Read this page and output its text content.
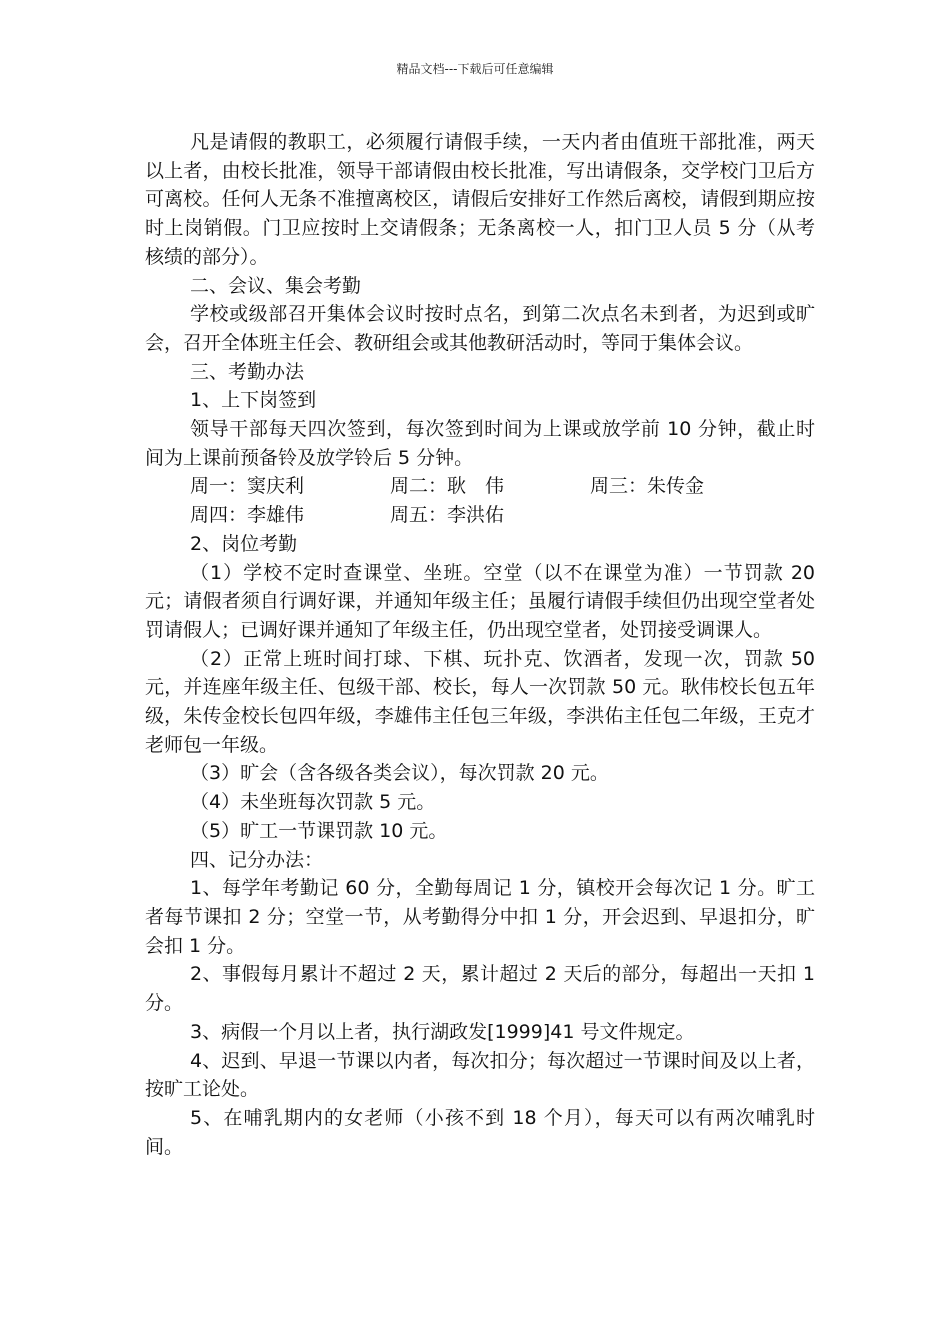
精品文档---下载后可任意编辑

凡是请假的教职工，必须履行请假手续，一天内者由值班干部批准，两天以上者，由校长批准，领导干部请假由校长批准，写出请假条，交学校门卫后方可离校。任何人无条不准擅离校区，请假后安排好工作然后离校，请假到期应按时上岗销假。门卫应按时上交请假条；无条离校一人，扣门卫人员 5 分（从考核绩的部分）。

二、会议、集会考勤

学校或级部召开集体会议时按时点名，到第二次点名未到者，为迟到或旷会，召开全体班主任会、教研组会或其他教研活动时，等同于集体会议。

三、考勤办法

1、上下岗签到

领导干部每天四次签到，每次签到时间为上课或放学前 10 分钟，截止时间为上课前预备铃及放学铃后 5 分钟。

周一：窦庆利	周二：耿　伟	周三：朱传金
周四：李雄伟	周五：李洪佑

2、岗位考勤

（1）学校不定时查课堂、坐班。空堂（以不在课堂为准）一节罚款 20 元；请假者须自行调好课，并通知年级主任；虽履行请假手续但仍出现空堂者处罚请假人；已调好课并通知了年级主任，仍出现空堂者，处罚接受调课人。

（2）正常上班时间打球、下棋、玩扑克、饮酒者，发现一次，罚款 50 元，并连座年级主任、包级干部、校长，每人一次罚款 50 元。耿伟校长包五年级，朱传金校长包四年级，李雄伟主任包三年级，李洪佑主任包二年级，王克才老师包一年级。

（3）旷会（含各级各类会议），每次罚款 20 元。

（4）未坐班每次罚款 5 元。

（5）旷工一节课罚款 10 元。

四、记分办法：

1、每学年考勤记 60 分，全勤每周记 1 分，镇校开会每次记 1 分。旷工者每节课扣 2 分；空堂一节，从考勤得分中扣 1 分，开会迟到、早退扣分，旷会扣 1 分。

2、事假每月累计不超过 2 天，累计超过 2 天后的部分，每超出一天扣 1 分。

3、病假一个月以上者，执行湖政发[1999]41 号文件规定。

4、迟到、早退一节课以内者，每次扣分；每次超过一节课时间及以上者，按旷工论处。

5、在哺乳期内的女老师（小孩不到 18 个月），每天可以有两次哺乳时间。
